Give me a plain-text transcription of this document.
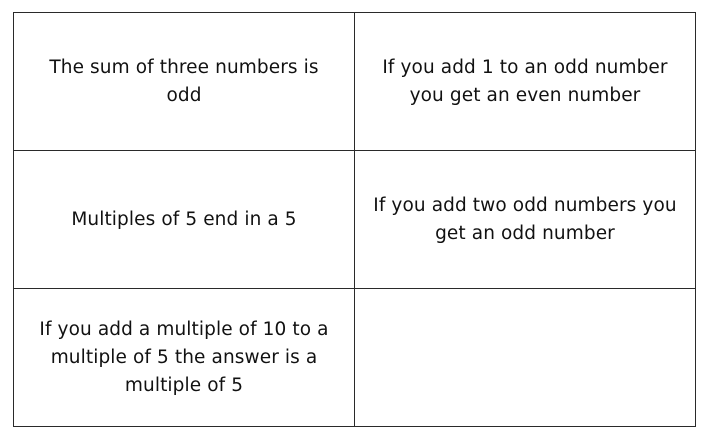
The sum of three numbers is odd	If you add 1 to an odd number you get an even number
Multiples of 5 end in a 5	If you add two odd numbers you get an odd number
If you add a multiple of 10 to a multiple of 5 the answer is a multiple of 5	
